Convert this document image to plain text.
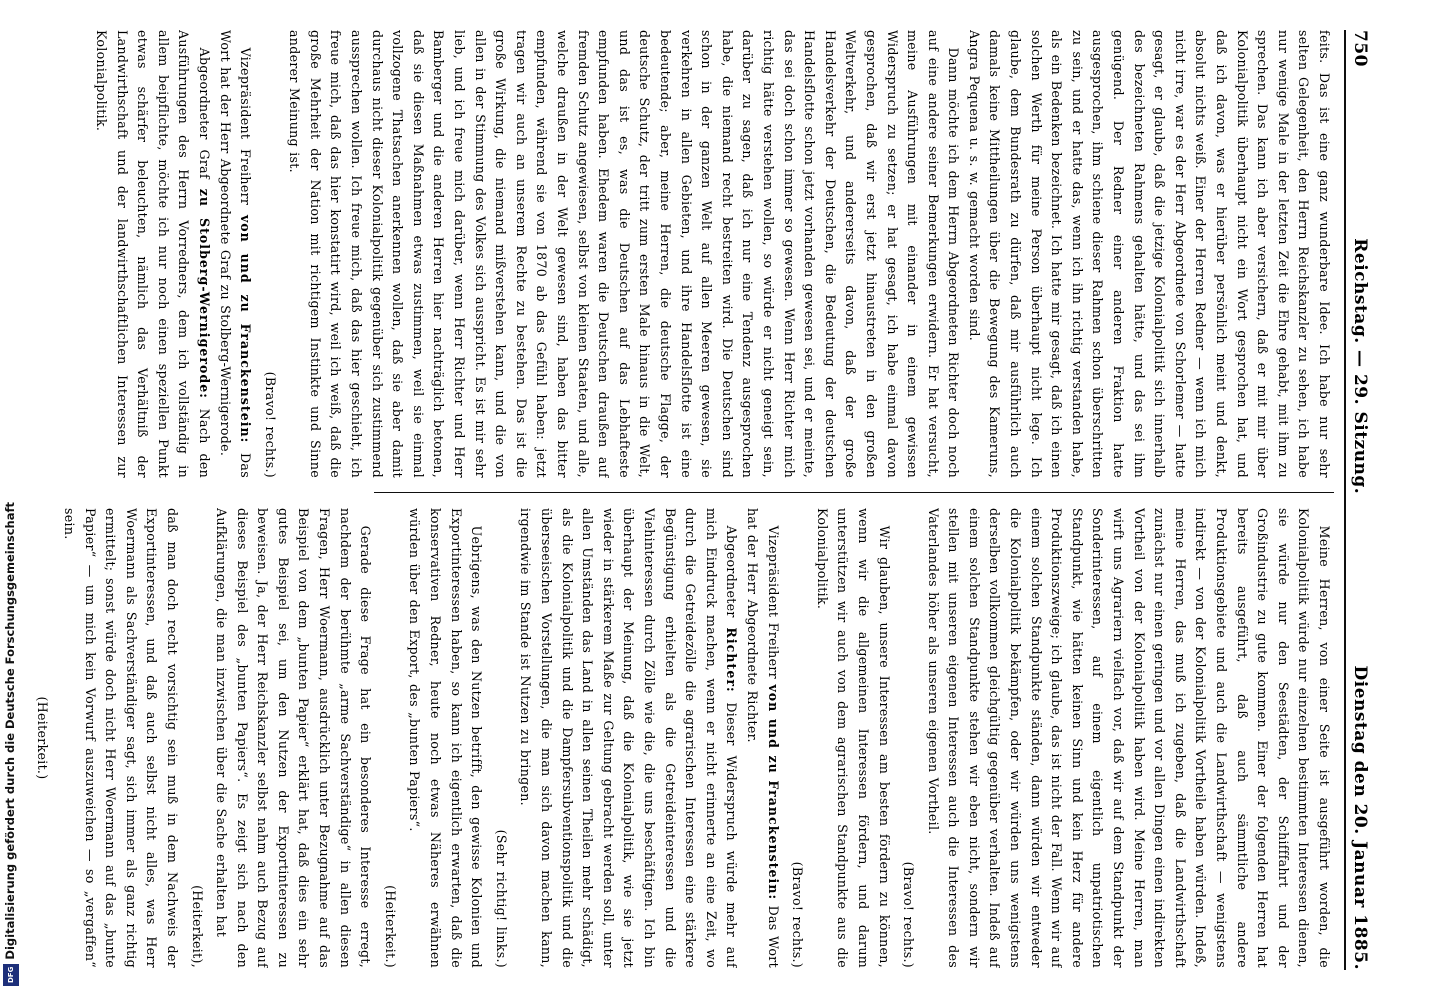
Digitalisierung gefördert durch die Deutsche Forschungsgemeinschaft
DFG
750
Reichstag. — 29. Sitzung.
Dienstag den 20. Januar 1885.

feits. Das ist eine ganz wunderbare Idee. Ich habe nur sehr selten Gelegenheit, den Herrn Reichskanzler zu sehen, ich habe nur wenige Male in der letzten Zeit die Ehre gehabt, mit ihm zu sprechen. Das kann ich aber versichern, daß er mit mir über Kolonialpolitik überhaupt nicht ein Wort gesprochen hat, und daß ich davon, was er hierüber persönlich meint und denkt, absolut nichts weiß. Einer der Herren Redner — wenn ich mich nicht irre, war es der Herr Abgeordnete von Schorlemer — hatte gesagt, er glaube, daß die jetzige Kolonialpolitik sich innerhalb des bezeichneten Rahmens gehalten hätte, und das sei ihm genügend. Der Redner einer anderen Fraktion hatte ausgesprochen, ihm schiene dieser Rahmen schon überschritten zu sein, und er hatte das, wenn ich ihn richtig verstanden habe, als ein Bedenken bezeichnet. Ich hatte mir gesagt, daß ich einen solchen Werth für meine Person überhaupt nicht lege. Ich glaube, dem Bundesrath zu dürfen, daß mir ausführlich auch damals keine Mittheilungen über die Bewegung des Kameruns, Angra Pequena u. s. w. gemacht worden sind.

Dann möchte ich dem Herrn Abgeordneten Richter doch noch auf eine andere seiner Bemerkungen erwidern. Er hat versucht, meine Ausführungen mit einander in einem gewissen Widerspruch zu setzen; er hat gesagt, ich habe einmal davon gesprochen, daß wir erst jetzt hinaustreten in den großen Weltverkehr, und andererseits davon, daß der große Handelsverkehr der Deutschen, die Bedeutung der deutschen Handelsflotte schon jetzt vorhanden gewesen sei, und er meinte, das sei doch schon immer so gewesen. Wenn Herr Richter mich richtig hätte verstehen wollen, so würde er nicht geneigt sein, darüber zu sagen, daß ich nur eine Tendenz ausgesprochen habe, die niemand recht bestreiten wird. Die Deutschen sind schon in der ganzen Welt auf allen Meeren gewesen, sie verkehren in allen Gebieten, und ihre Handelsflotte ist eine bedeutende; aber, meine Herren, die deutsche Flagge, der deutsche Schutz, der tritt zum ersten Male hinaus in die Welt, und das ist es, was die Deutschen auf das Lebhafteste empfunden haben. Ehedem waren die Deutschen draußen auf fremden Schutz angewiesen, selbst von kleinen Staaten, und alle, welche draußen in der Welt gewesen sind, haben das bitter empfunden, während sie von 1870 ab das Gefühl haben: jetzt tragen wir auch an unserem Rechte zu bestehen. Das ist die große Wirkung, die niemand mißverstehen kann, und die von allen in der Stimmung des Volkes sich ausspricht. Es ist mir sehr lieb, und ich freue mich darüber, wenn Herr Richter und Herr Bamberger und die anderen Herren hier nachträglich betonen, daß sie diesen Maßnahmen etwas zustimmen, weil sie einmal vollzogene Thatsachen anerkennen wollen, daß sie aber damit durchaus nicht dieser Kolonialpolitik gegenüber sich zustimmend aussprechen wollen. Ich freue mich, daß das hier geschieht, ich freue mich, daß das hier konstatirt wird, weil ich weiß, daß die große Mehrheit der Nation mit richtigem Instinkte und Sinne anderer Meinung ist.

(Bravo! rechts.)

Vizepräsident Freiherr von und zu Franckenstein: Das Wort hat der Herr Abgeordnete Graf zu Stolberg-Wernigerode.

Abgeordneter Graf zu Stolberg-Wernigerode: Nach den Ausführungen des Herrn Vorredners, dem ich vollständig in allem beipflichte, möchte ich nur noch einen speziellen Punkt etwas schärfer beleuchten, nämlich das Verhältniß der Landwirthschaft und der landwirthschaftlichen Interessen zur Kolonialpolitik.

Meine Herren, von einer Seite ist ausgeführt worden, die Kolonialpolitik würde nur einzelnen bestimmten Interessen dienen, sie würde nur den Seestädten, der Schifffahrt und der Großindustrie zu gute kommen. Einer der folgenden Herren hat bereits ausgeführt, daß auch sämmtliche andere Produktionsgebiete und auch die Landwirthschaft — wenigstens indirekt — von der Kolonialpolitik Vortheile haben würden. Indeß, meine Herren, das muß ich zugeben, daß die Landwirthschaft zunächst nur einen geringen und vor allen Dingen einen indirekten Vortheil von der Kolonialpolitik haben wird. Meine Herren, man wirft uns Agrariern vielfach vor, daß wir auf dem Standpunkt der Sonderinteressen, auf einem eigentlich unpatriotischen Standpunkt, wie hätten keinen Sinn und kein Herz für andere Produktionszweige; ich glaube, das ist nicht der Fall. Wenn wir auf einem solchen Standpunkte ständen, dann würden wir entweder die Kolonialpolitik bekämpfen, oder wir würden uns wenigstens derselben vollkommen gleichgültig gegenüber verhalten. Indeß auf einem solchen Standpunkte stehen wir eben nicht, sondern wir stellen mit unseren eigenen Interessen auch die Interessen des Vaterlandes höher als unseren eigenen Vortheil.

(Bravo! rechts.)

Wir glauben, unsere Interessen am besten fördern zu können, wenn wir die allgemeinen Interessen fördern, und darum unterstützen wir auch von dem agrarischen Standpunkte aus die Kolonialpolitik.

(Bravo! rechts.)

Vizepräsident Freiherr von und zu Franckenstein: Das Wort hat der Herr Abgeordnete Richter.

Abgeordneter Richter: Dieser Widerspruch würde mehr auf mich Eindruck machen, wenn er nicht erinnerte an eine Zeit, wo durch die Getreidezölle die agrarischen Interessen eine stärkere Begünstigung erhielten als die Getreideinteressen und die Viehinteressen durch Zölle wie die, die uns beschäftigen. Ich bin überhaupt der Meinung, daß die Kolonialpolitik, wie sie jetzt wieder in stärkerem Maße zur Geltung gebracht werden soll, unter allen Umständen das Land in allen seinen Theilen mehr schädigt, als die Kolonialpolitik und die Dampfersubventionspolitik und die überseeischen Vorstellungen, die man sich davon machen kann, irgendwie im Stande ist Nutzen zu bringen.

(Sehr richtig! links.)

Uebrigens, was den Nutzen betrifft, den gewisse Kolonien und Exportinteressen haben, so kann ich eigentlich erwarten, daß die konservativen Redner, heute noch etwas Näheres erwähnen würden über den Export, des „bunten Papiers“.

(Heiterkeit.)

Gerade diese Frage hat ein besonderes Interesse erregt, nachdem der berühmte „arme Sachverständige“ in allen diesen Fragen, Herr Woermann, ausdrücklich unter Bezugnahme auf das Beispiel von dem „bunten Papier“ erklärt hat, daß dies ein sehr gutes Beispiel sei, um den Nutzen der Exportinteressen zu beweisen. Ja, der Herr Reichskanzler selbst nahm auch Bezug auf dieses Beispiel des „bunten Papiers“. Es zeigt sich nach den Aufklärungen, die man inzwischen über die Sache erhalten hat

(Heiterkeit),

daß man doch recht vorsichtig sein muß in dem Nachweis der Exportinteressen, und daß auch selbst nicht alles, was Herr Woermann als Sachverständiger sagt, sich immer als ganz richtig ermittelt; sonst würde doch nicht Herr Woermann auf das „bunte Papier“ — um mich kein Vorwurf auszuweichen — so „vergaffen“ sein.

(Heiterkeit.)
